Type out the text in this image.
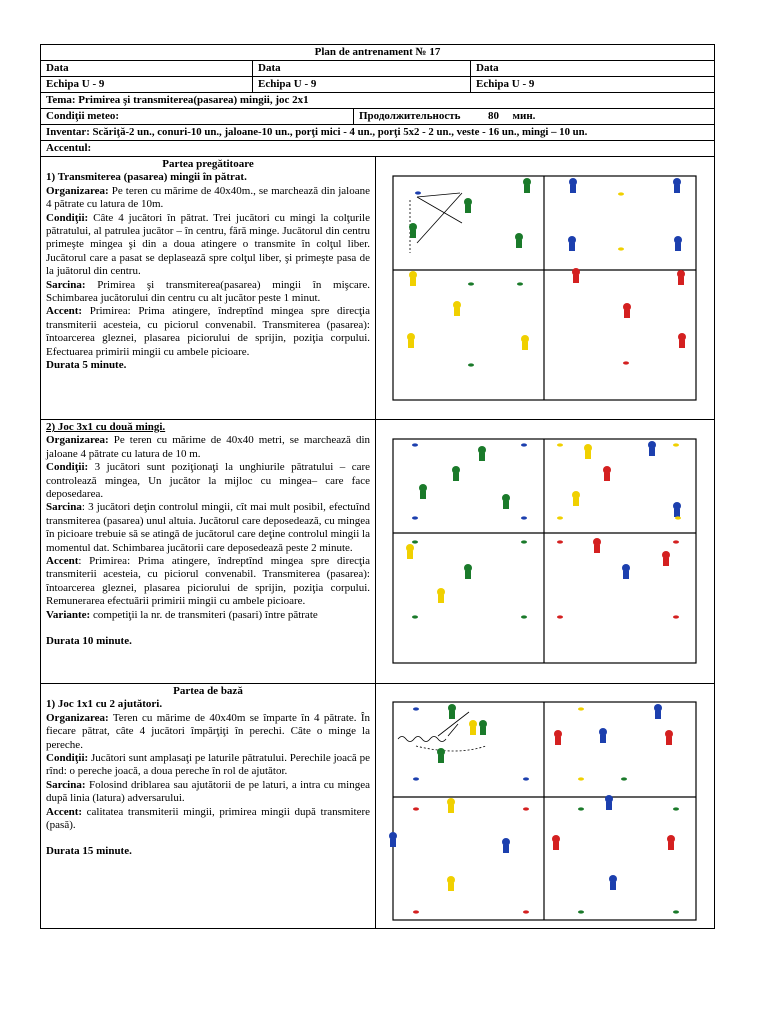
Plan de antrenament № 17
Data	Data	Data
Echipa U - 9	Echipa U - 9	Echipa U - 9
Tema: Primirea şi transmiterea(pasarea) mingii, joc 2x1
Condiţii meteo:	Продолжительность	80 мин.
Inventar: Scăriţă-2 un., conuri-10 un., jaloane-10 un., porţi mici - 4 un., porţi 5x2 - 2 un., veste - 16 un., mingi – 10 un.
Accentul:
Partea pregătitoare
1) Transmiterea (pasarea) mingii în pătrat.
Organizarea: Pe teren cu mărime de 40x40m., se marchează din jaloane 4 pătrate cu latura de 10m.
Condiţii: Câte 4 jucători în pătrat. Trei jucători cu mingi la colţurile pătratului, al patrulea jucător – în centru, fără minge. Jucătorul din centru primeşte mingea şi din a doua atingere o transmite în colţul liber. Jucătorul care a pasat se deplasează spre colţul liber, şi primeşte pasa de la juătorul din centru.
Sarcina: Primirea şi transmiterea(pasarea) mingii în mişcare. Schimbarea jucătorului din centru cu alt jucător peste 1 minut.
Accent: Primirea: Prima atingere, îndreptînd mingea spre direcţia transmiterii acesteia, cu piciorul convenabil. Transmiterea (pasarea): întoarcerea gleznei, plasarea piciorului de sprijin, poziţia corpului. Efectuarea primirii mingii cu ambele picioare.
Durata 5 minute.
2) Joc 3x1 cu două mingi.
Organizarea: Pe teren cu mărime de 40x40 metri, se marchează din jaloane 4 pătrate cu latura de 10 m.
Condiţii: 3 jucători sunt poziţionaţi la unghiurile pătratului – care controlează mingea, Un jucător la mijloc cu mingea– care face deposedarea.
Sarcina: 3 jucători deţin controlul mingii, cît mai mult posibil, efectuînd transmiterea (pasarea) unul altuia. Jucătorul care deposedează, cu mingea în picioare trebuie să se atingă de jucătorul care deţine controlul mingii la momentul dat. Schimbarea jucătorii care deposedează peste 2 minute.
Accent: Primirea: Prima atingere, îndreptînd mingea spre direcţia transmiterii acesteia, cu piciorul convenabil. Transmiterea (pasarea): întoarcerea gleznei, plasarea piciorului de sprijin, poziţia corpului. Remunerarea efectuării primirii mingii cu ambele picioare.
Variante: competiţii la nr. de transmiteri (pasari) între pătrate
Durata 10 minute.
Partea de bază
1) Joc 1x1 cu 2 ajutători.
Organizarea: Teren cu mărime de 40x40m se împarte în 4 pătrate. În fiecare pătrat, câte 4 jucători împărţiţi în perechi. Câte o minge la pereche.
Condiţii: Jucători sunt amplasaţi pe laturile pătratului. Perechile joacă pe rînd: o pereche joacă, a doua pereche în rol de ajutător.
Sarcina: Folosind driblarea sau ajutătorii de pe laturi, a intra cu mingea după linia (latura) adversarului.
Accent: calitatea transmiterii mingii, primirea mingii după transmitere (pasă).
Durata 15 minute.
